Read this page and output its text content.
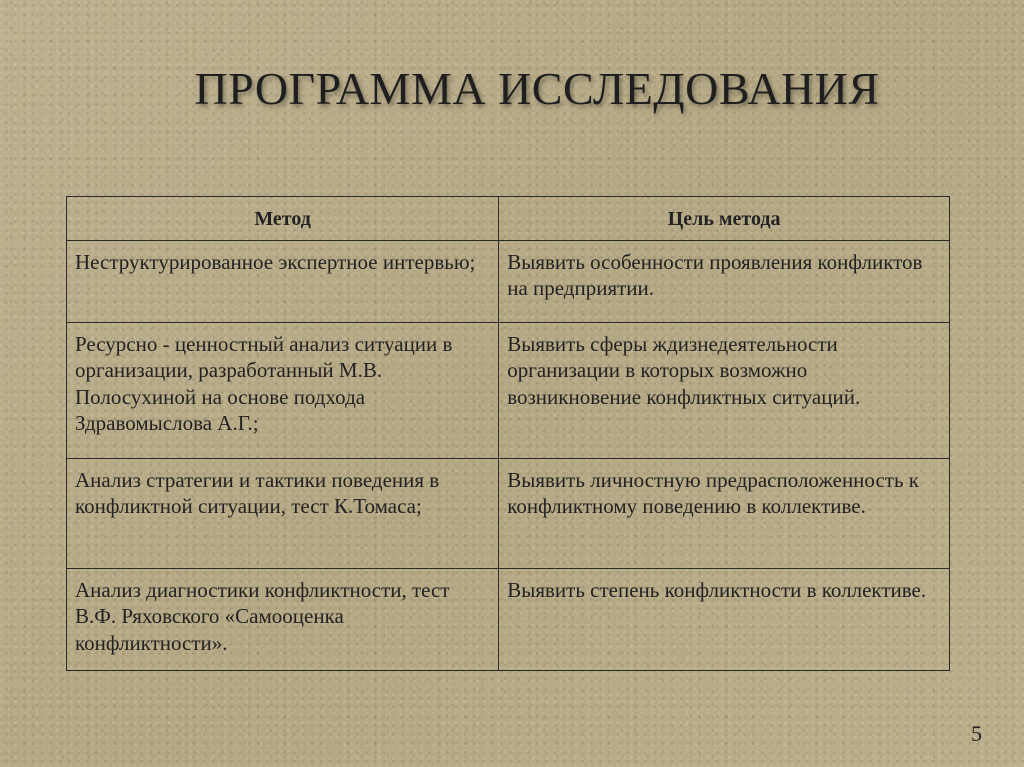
ПРОГРАММА ИССЛЕДОВАНИЯ
Метод	Цель метода
Неструктурированное экспертное интервью;	Выявить особенности проявления конфликтов на предприятии.
Ресурсно - ценностный анализ ситуации в организации, разработанный М.В. Полосухиной на основе подхода Здравомыслова А.Г.;	Выявить сферы ждизнедеятельности организации в которых возможно возникновение конфликтных ситуаций.
Анализ стратегии и тактики поведения в конфликтной ситуации, тест К.Томаса;	Выявить личностную предрасположенность к конфликтному поведению в коллективе.
Анализ диагностики конфликтности, тест В.Ф. Ряховского «Самооценка конфликтности».	Выявить степень конфликтности в коллективе.
5
